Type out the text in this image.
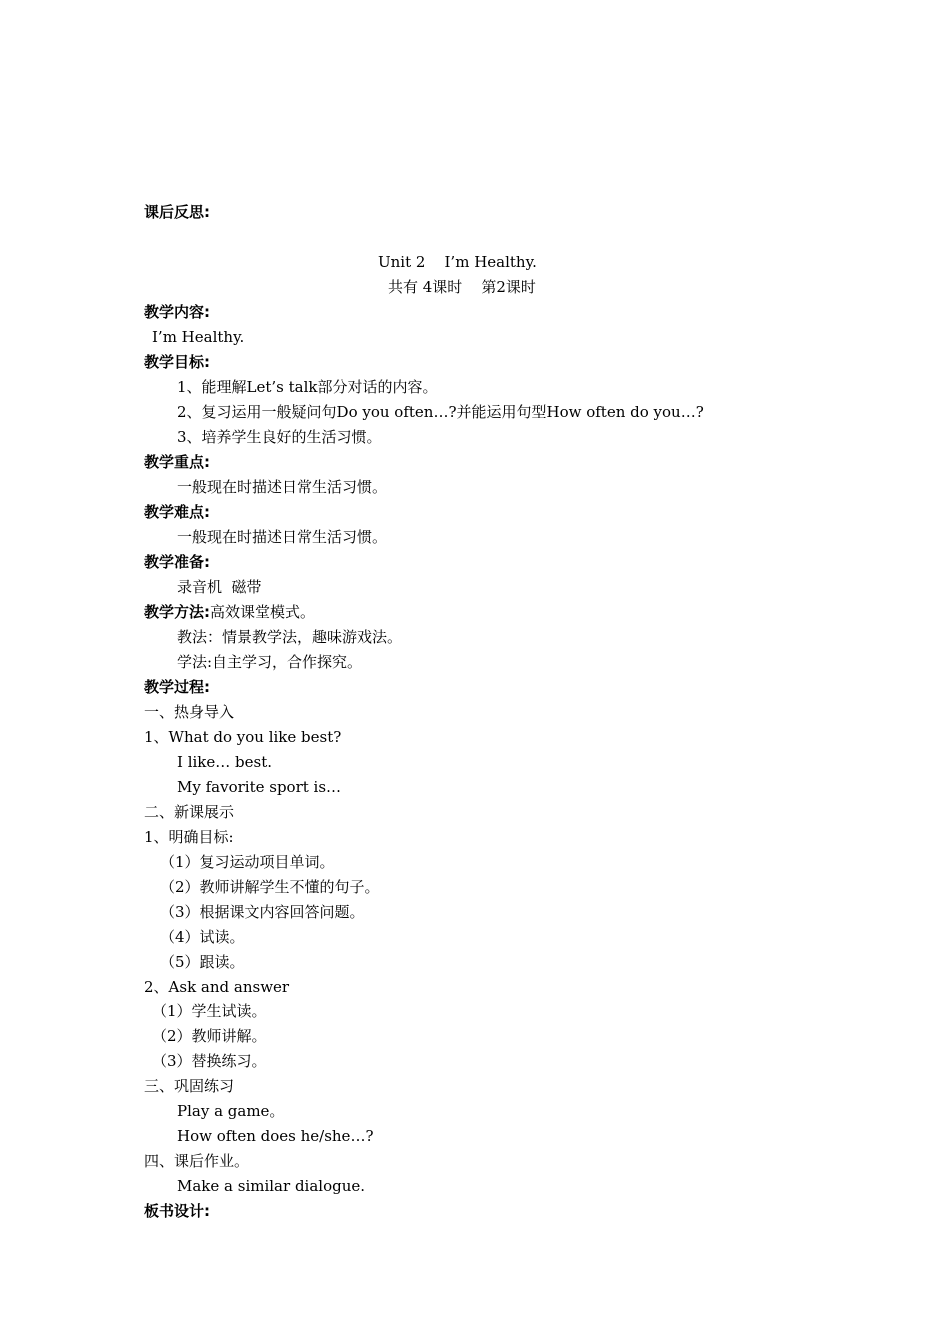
课后反思:
Unit 2    I’m Healthy.
共有 4课时    第2课时
教学内容:
I’m Healthy.
教学目标:
1、能理解Let’s talk部分对话的内容。
2、复习运用一般疑问句Do you often…?并能运用句型How often do you…?
3、培养学生良好的生活习惯。
教学重点:
一般现在时描述日常生活习惯。
教学难点:
一般现在时描述日常生活习惯。
教学准备:
录音机  磁带
教学方法:高效课堂模式。
教法：情景教学法，趣味游戏法。
学法:自主学习，合作探究。
教学过程:
一、热身导入
1、What do you like best?
I like… best.
My favorite sport is…
二、新课展示
1、明确目标:
（1）复习运动项目单词。
（2）教师讲解学生不懂的句子。
（3）根据课文内容回答问题。
（4）试读。
（5）跟读。
2、Ask and answer
（1）学生试读。
（2）教师讲解。
（3）替换练习。
三、巩固练习
Play a game。
How often does he/she…?
四、课后作业。
Make a similar dialogue.
板书设计:
